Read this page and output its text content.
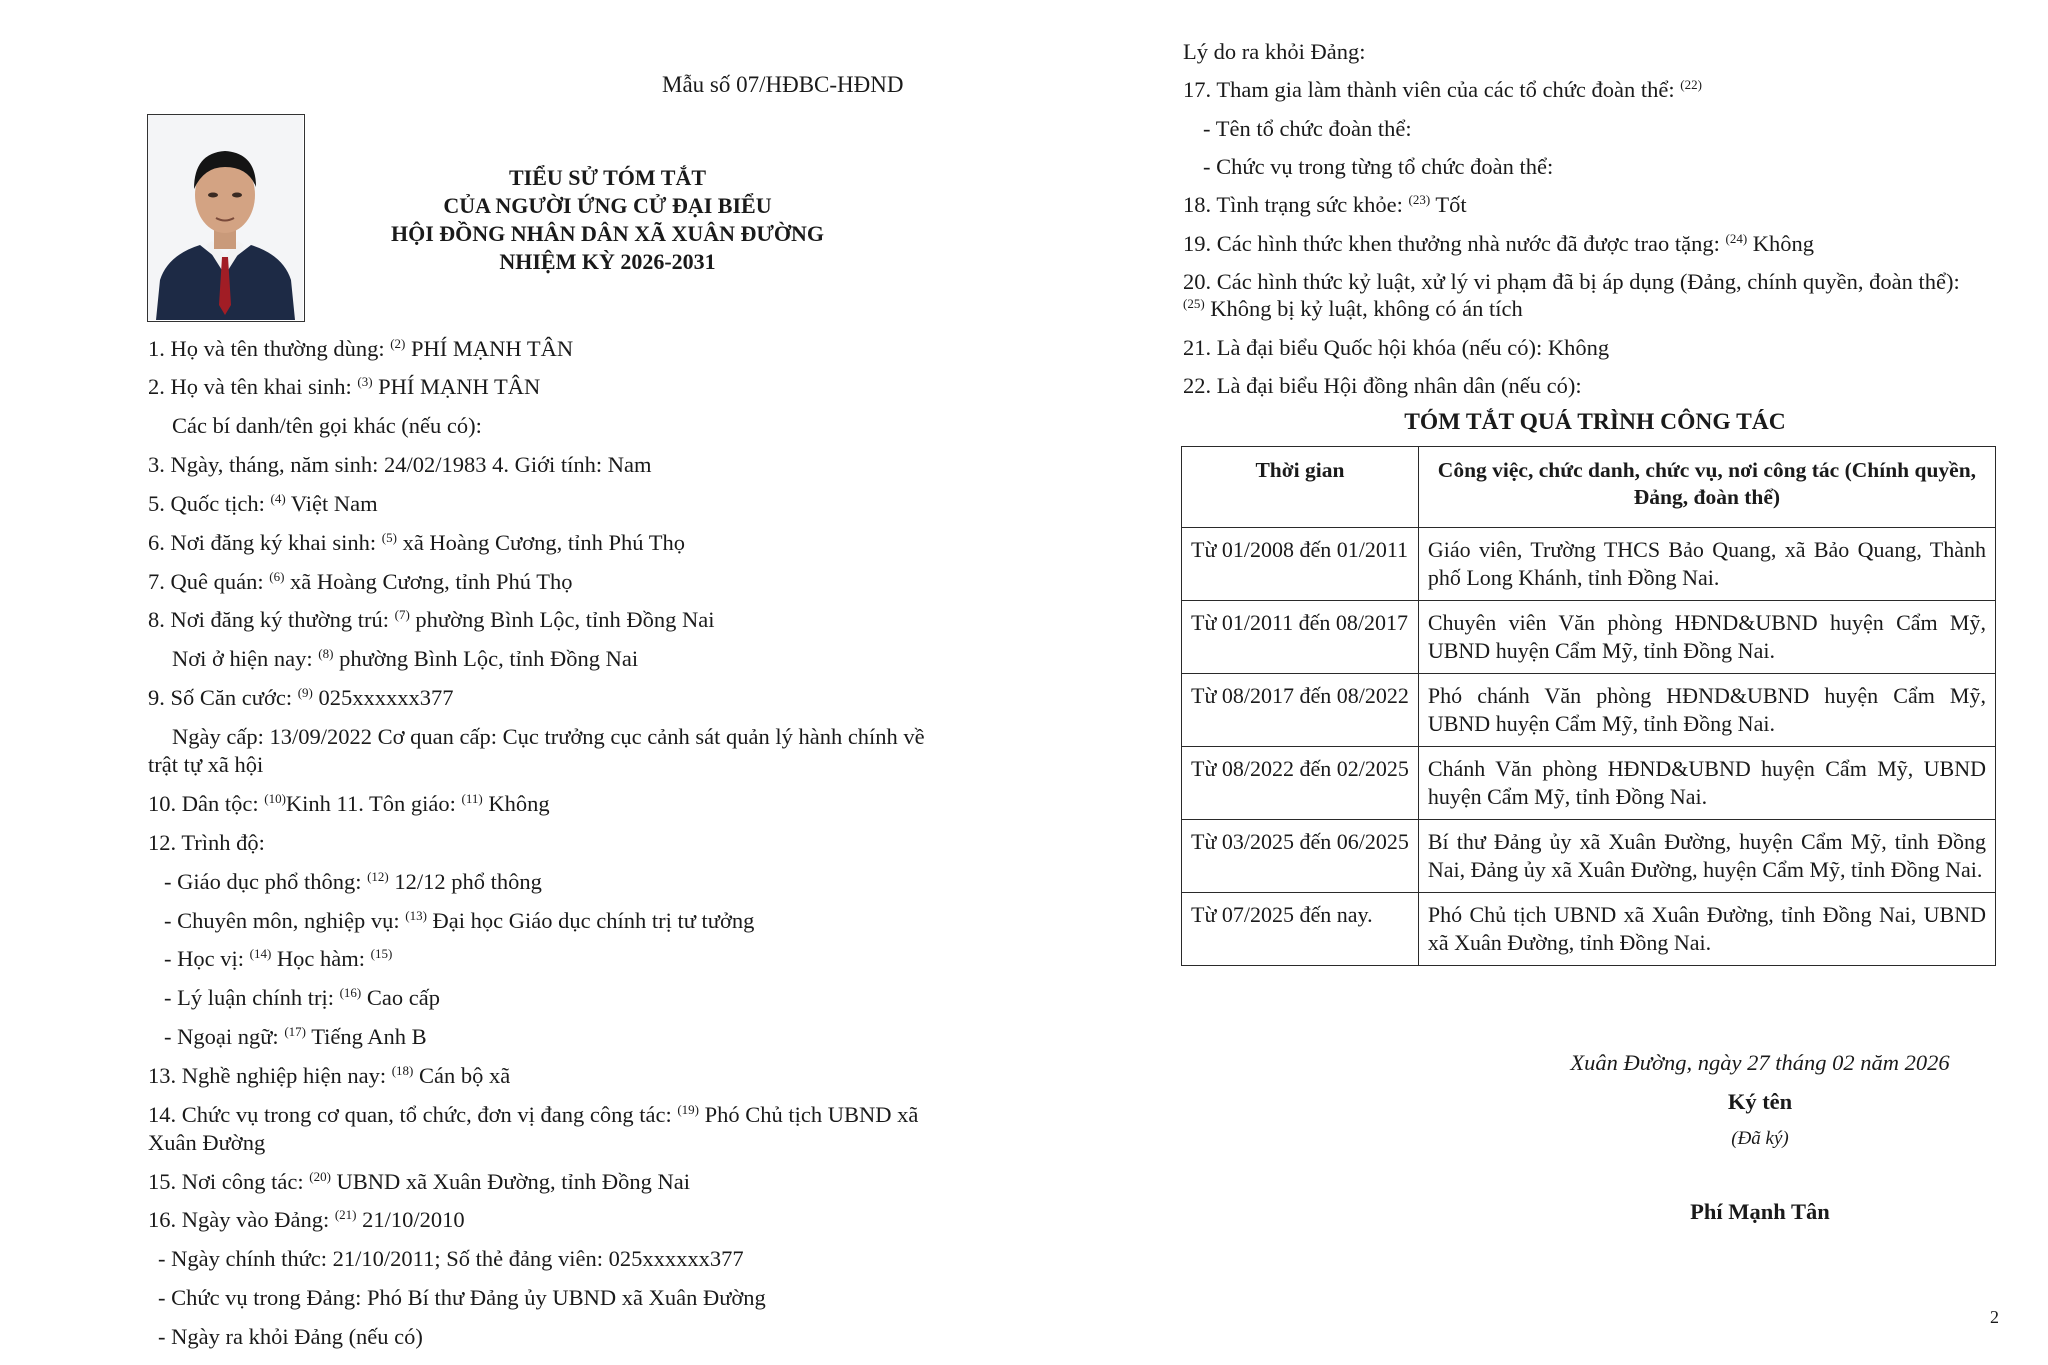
Mẫu số 07/HĐBC-HĐND
TIỂU SỬ TÓM TẮT
CỦA NGƯỜI ỨNG CỬ ĐẠI BIỂU
HỘI ĐỒNG NHÂN DÂN XÃ XUÂN ĐƯỜNG
NHIỆM KỲ 2026-2031
1. Họ và tên thường dùng: $^{(2)}$ PHÍ MẠNH TÂN
2. Họ và tên khai sinh: $^{(3)}$ PHÍ MẠNH TÂN
Các bí danh/tên gọi khác (nếu có):
3. Ngày, tháng, năm sinh: 24/02/1983 4. Giới tính: Nam
5. Quốc tịch: $^{(4)}$ Việt Nam
6. Nơi đăng ký khai sinh: $^{(5)}$ xã Hoàng Cương, tỉnh Phú Thọ
7. Quê quán: $^{(6)}$ xã Hoàng Cương, tỉnh Phú Thọ
8. Nơi đăng ký thường trú: $^{(7)}$ phường Bình Lộc, tỉnh Đồng Nai
Nơi ở hiện nay: $^{(8)}$ phường Bình Lộc, tỉnh Đồng Nai
9. Số Căn cước: $^{(9)}$ 025xxxxxx377
Ngày cấp: 13/09/2022 Cơ quan cấp: Cục trưởng cục cảnh sát quản lý hành chính về
trật tự xã hội
10. Dân tộc: $^{(10)}$Kinh 11. Tôn giáo: $^{(11)}$ Không
12. Trình độ:
- Giáo dục phổ thông: $^{(12)}$ 12/12 phổ thông
- Chuyên môn, nghiệp vụ: $^{(13)}$ Đại học Giáo dục chính trị tư tưởng
- Học vị: $^{(14)}$ Học hàm: $^{(15)}$
- Lý luận chính trị: $^{(16)}$ Cao cấp
- Ngoại ngữ: $^{(17)}$ Tiếng Anh B
13. Nghề nghiệp hiện nay: $^{(18)}$ Cán bộ xã
14. Chức vụ trong cơ quan, tổ chức, đơn vị đang công tác: $^{(19)}$ Phó Chủ tịch UBND xã
Xuân Đường
15. Nơi công tác: $^{(20)}$ UBND xã Xuân Đường, tỉnh Đồng Nai
16. Ngày vào Đảng: $^{(21)}$ 21/10/2010
- Ngày chính thức: 21/10/2011; Số thẻ đảng viên: 025xxxxxx377
- Chức vụ trong Đảng: Phó Bí thư Đảng ủy UBND xã Xuân Đường
- Ngày ra khỏi Đảng (nếu có)
Lý do ra khỏi Đảng:
17. Tham gia làm thành viên của các tổ chức đoàn thể: $^{(22)}$
- Tên tổ chức đoàn thể:
- Chức vụ trong từng tổ chức đoàn thể:
18. Tình trạng sức khỏe: $^{(23)}$ Tốt
19. Các hình thức khen thưởng nhà nước đã được trao tặng: $^{(24)}$ Không
20. Các hình thức kỷ luật, xử lý vi phạm đã bị áp dụng (Đảng, chính quyền, đoàn thể):
$^{(25)}$ Không bị kỷ luật, không có án tích
21. Là đại biểu Quốc hội khóa (nếu có): Không
22. Là đại biểu Hội đồng nhân dân (nếu có):
TÓM TẮT QUÁ TRÌNH CÔNG TÁC
Thời gian	Công việc, chức danh, chức vụ, nơi công tác (Chính quyền, Đảng, đoàn thể)
Từ 01/2008 đến 01/2011	Giáo viên, Trường THCS Bảo Quang, xã Bảo Quang, Thành phố Long Khánh, tỉnh Đồng Nai.
Từ 01/2011 đến 08/2017	Chuyên viên Văn phòng HĐND&UBND huyện Cẩm Mỹ, UBND huyện Cẩm Mỹ, tỉnh Đồng Nai.
Từ 08/2017 đến 08/2022	Phó chánh Văn phòng HĐND&UBND huyện Cẩm Mỹ, UBND huyện Cẩm Mỹ, tỉnh Đồng Nai.
Từ 08/2022 đến 02/2025	Chánh Văn phòng HĐND&UBND huyện Cẩm Mỹ, UBND huyện Cẩm Mỹ, tỉnh Đồng Nai.
Từ 03/2025 đến 06/2025	Bí thư Đảng ủy xã Xuân Đường, huyện Cẩm Mỹ, tỉnh Đồng Nai, Đảng ủy xã Xuân Đường, huyện Cẩm Mỹ, tỉnh Đồng Nai.
Từ 07/2025 đến nay.	Phó Chủ tịch UBND xã Xuân Đường, tỉnh Đồng Nai, UBND xã Xuân Đường, tỉnh Đồng Nai.
Xuân Đường, ngày 27 tháng 02 năm 2026
Ký tên
(Đã ký)
Phí Mạnh Tân
2
